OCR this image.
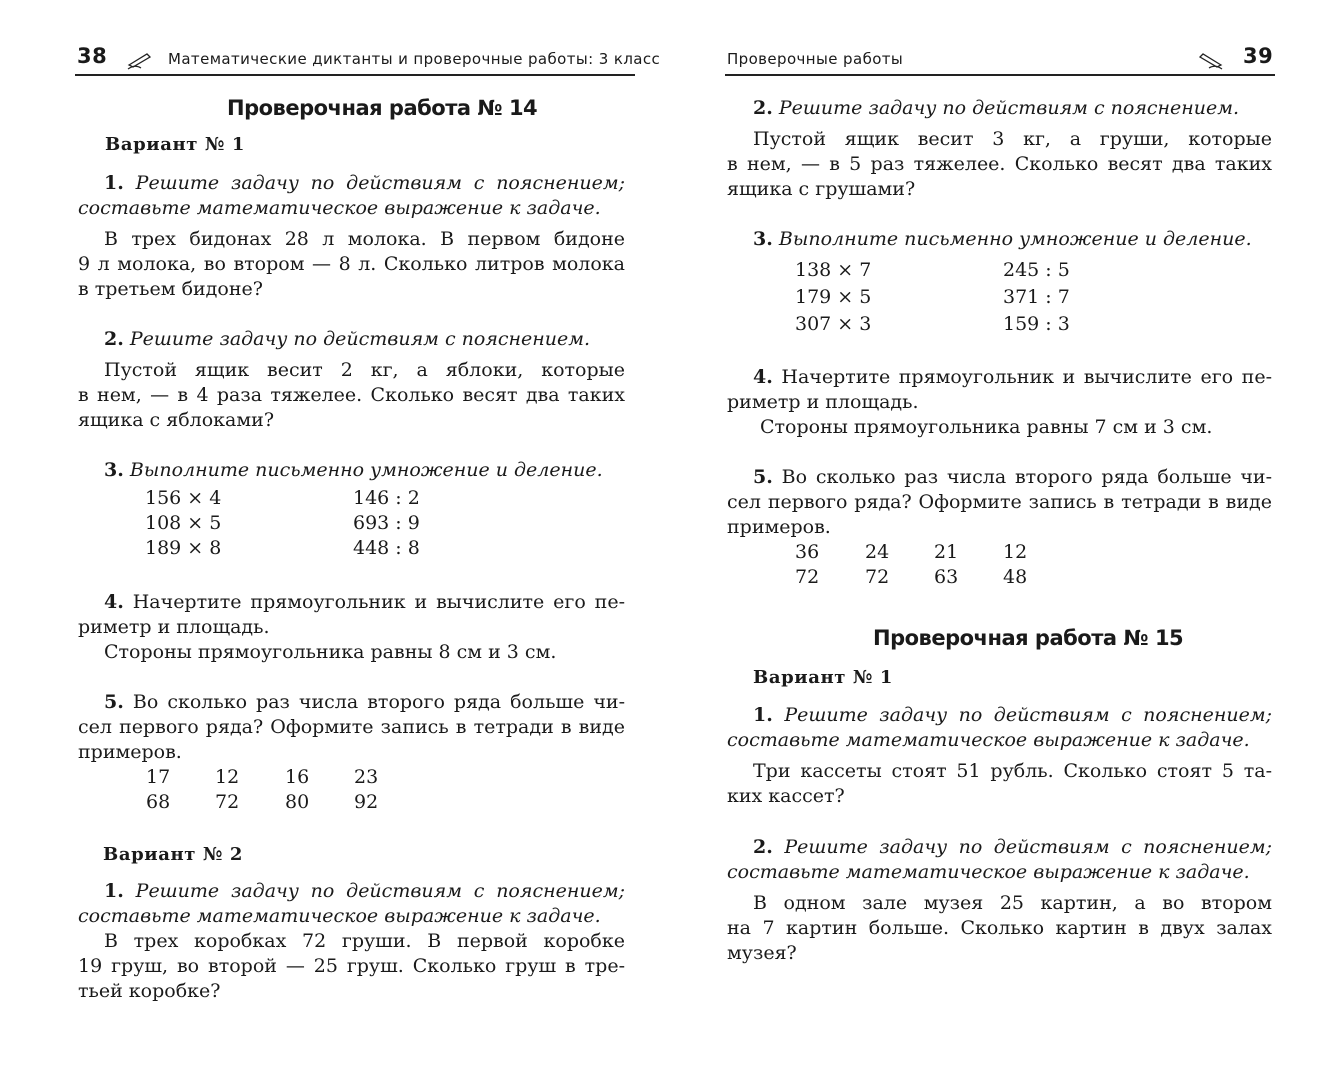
38	Математические диктанты и проверочные работы: 3 класс
Проверочная работа № 14
Вариант № 1
1. Решите задачу по действиям с пояснением;
составьте математическое выражение к задаче.
В трех бидонах 28 л молока. В первом бидоне
9 л молока, во втором — 8 л. Сколько литров молока
в третьем бидоне?
2. Решите задачу по действиям с пояснением.
Пустой ящик весит 2 кг, а яблоки, которые
в нем, — в 4 раза тяжелее. Сколько весят два таких
ящика с яблоками?
3. Выполните письменно умножение и деление.
156 × 4
108 × 5
189 × 8
146 : 2
693 : 9
448 : 8
4. Начертите прямоугольник и вычислите его пе-
риметр и площадь.
Стороны прямоугольника равны 8 см и 3 см.
5. Во сколько раз числа второго ряда больше чи-
сел первого ряда? Оформите запись в тетради в виде
примеров.
17 12 16 23
68 72 80 92
Вариант № 2
1. Решите задачу по действиям с пояснением;
составьте математическое выражение к задаче.
В трех коробках 72 груши. В первой коробке
19 груш, во второй — 25 груш. Сколько груш в тре-
тьей коробке?
Проверочные работы	39
2. Решите задачу по действиям с пояснением.
Пустой ящик весит 3 кг, а груши, которые
в нем, — в 5 раз тяжелее. Сколько весят два таких
ящика с грушами?
3. Выполните письменно умножение и деление.
138 × 7
179 × 5
307 × 3
245 : 5
371 : 7
159 : 3
4. Начертите прямоугольник и вычислите его пе-
риметр и площадь.
Стороны прямоугольника равны 7 см и 3 см.
5. Во сколько раз числа второго ряда больше чи-
сел первого ряда? Оформите запись в тетради в виде
примеров.
36 24 21 12
72 72 63 48
Проверочная работа № 15
Вариант № 1
1. Решите задачу по действиям с пояснением;
составьте математическое выражение к задаче.
Три кассеты стоят 51 рубль. Сколько стоят 5 та-
ких кассет?
2. Решите задачу по действиям с пояснением;
составьте математическое выражение к задаче.
В одном зале музея 25 картин, а во втором
на 7 картин больше. Сколько картин в двух залах
музея?
